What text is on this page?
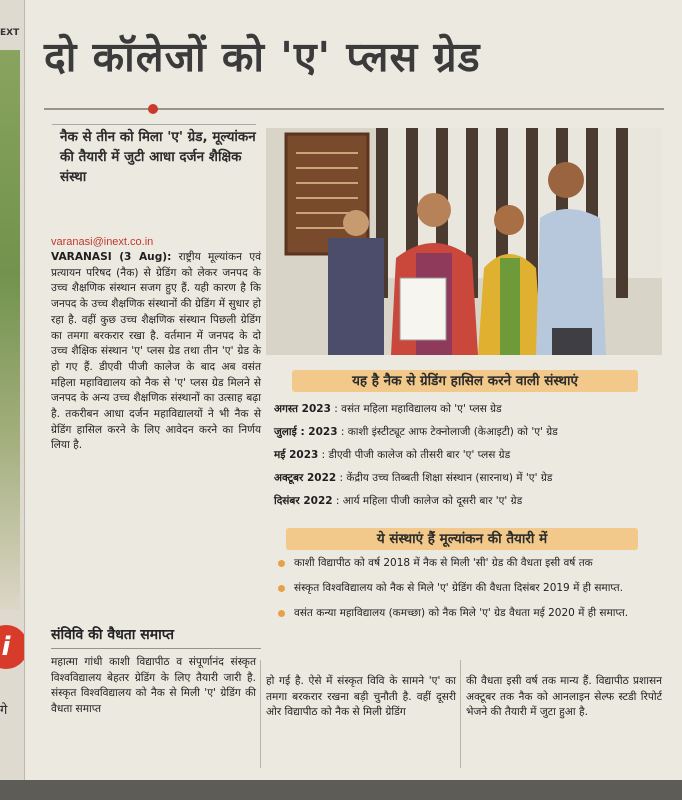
EXT
i
गे
दो कॉलेजों को 'ए' प्लस ग्रेड
नैक से तीन को मिला 'ए' ग्रेड, मूल्यांकन की तैयारी में जुटी आधा दर्जन शैक्षिक संस्था
varanasi@inext.co.in
VARANASI (3 Aug): राष्ट्रीय मूल्यांकन एवं प्रत्यायन परिषद (नैक) से ग्रेडिंग को लेकर जनपद के उच्च शैक्षणिक संस्थान सजग हुए हैं. यही कारण है कि जनपद के उच्च शैक्षणिक संस्थानों की ग्रेडिंग में सुधार हो रहा है. वहीं कुछ उच्च शैक्षणिक संस्थान पिछली ग्रेडिंग का तमगा बरकरार रखा है. वर्तमान में जनपद के दो उच्च शैक्षिक संस्थान 'ए' प्लस ग्रेड तथा तीन 'ए' ग्रेड के हो गए हैं. डीएवी पीजी कालेज के बाद अब वसंत महिला महाविद्यालय को नैक से 'ए' प्लस ग्रेड मिलने से जनपद के अन्य उच्च शैक्षणिक संस्थानों का उत्साह बढ़ा है. तकरीबन आधा दर्जन महाविद्यालयों ने भी नैक से ग्रेडिंग हासिल करने के लिए आवेदन करने का निर्णय लिया है.
संविवि की वैधता समाप्त
महात्मा गांधी काशी विद्यापीठ व संपूर्णानंद संस्कृत विश्वविद्यालय बेहतर ग्रेडिंग के लिए तैयारी जारी है. संस्कृत विश्वविद्यालय को नैक से मिली 'ए' ग्रेडिंग की वैधता समाप्त
हो गई है. ऐसे में संस्कृत विवि के सामने 'ए' का तमगा बरकरार रखना बड़ी चुनौती है. वहीं दूसरी ओर विद्यापीठ को नैक से मिली ग्रेडिंग
की वैधता इसी वर्ष तक मान्य हैं. विद्यापीठ प्रशासन अक्टूबर तक नैक को आनलाइन सेल्फ स्टडी रिपोर्ट भेजने की तैयारी में जुटा हुआ है.
यह है नैक से ग्रेडिंग हासिल करने वाली संस्थाएं
अगस्त 2023 : वसंत महिला महाविद्यालय को 'ए' प्लस ग्रेड
जुलाई : 2023 : काशी इंस्टीट्यूट आफ टेक्नोलाजी (केआइटी) को 'ए' ग्रेड
मई 2023 : डीएवी पीजी कालेज को तीसरी बार 'ए' प्लस ग्रेड
अक्टूबर 2022 : केंद्रीय उच्च तिब्बती शिक्षा संस्थान (सारनाथ) में 'ए' ग्रेड
दिसंबर 2022 : आर्य महिला पीजी कालेज को दूसरी बार 'ए' ग्रेड
ये संस्थाएं हैं मूल्यांकन की तैयारी में
काशी विद्यापीठ को वर्ष 2018 में नैक से मिली 'सी' ग्रेड की वैधता इसी वर्ष तक
संस्कृत विश्वविद्यालय को नैक से मिले 'ए' ग्रेडिंग की वैधता दिसंबर 2019 में ही समाप्त.
वसंत कन्या महाविद्यालय (कमच्छा) को नैक मिले 'ए' ग्रेड वैधता मई 2020 में ही समाप्त.
